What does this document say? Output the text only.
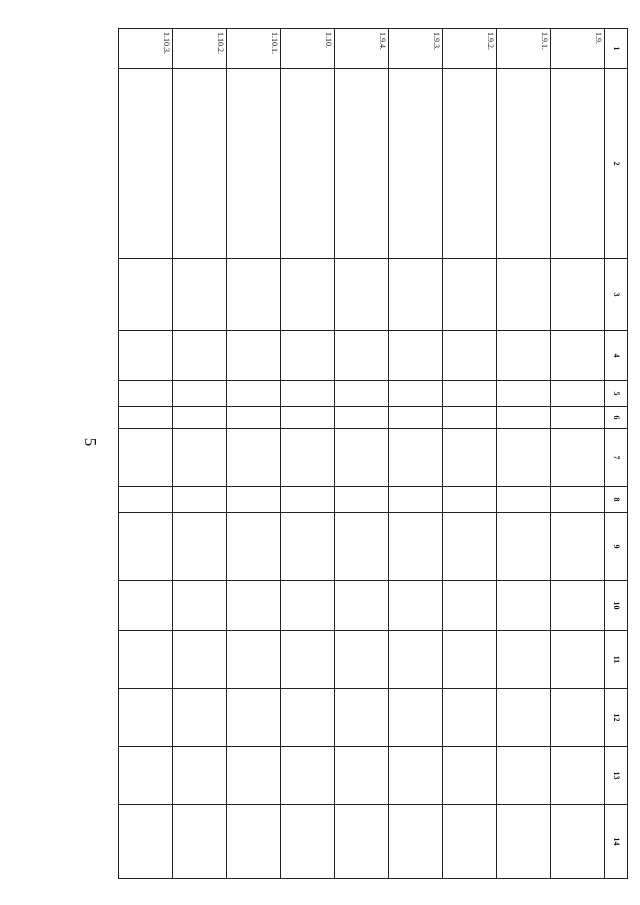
5
1	2	3	4	5	6	7	8	9	10	11	12	13	14
1.9.													
1.9.1.													
1.9.2.													
1.9.3.													
1.9.4.													
1.10.													
1.10.1.													
1.10.2.													
1.10.3.													
